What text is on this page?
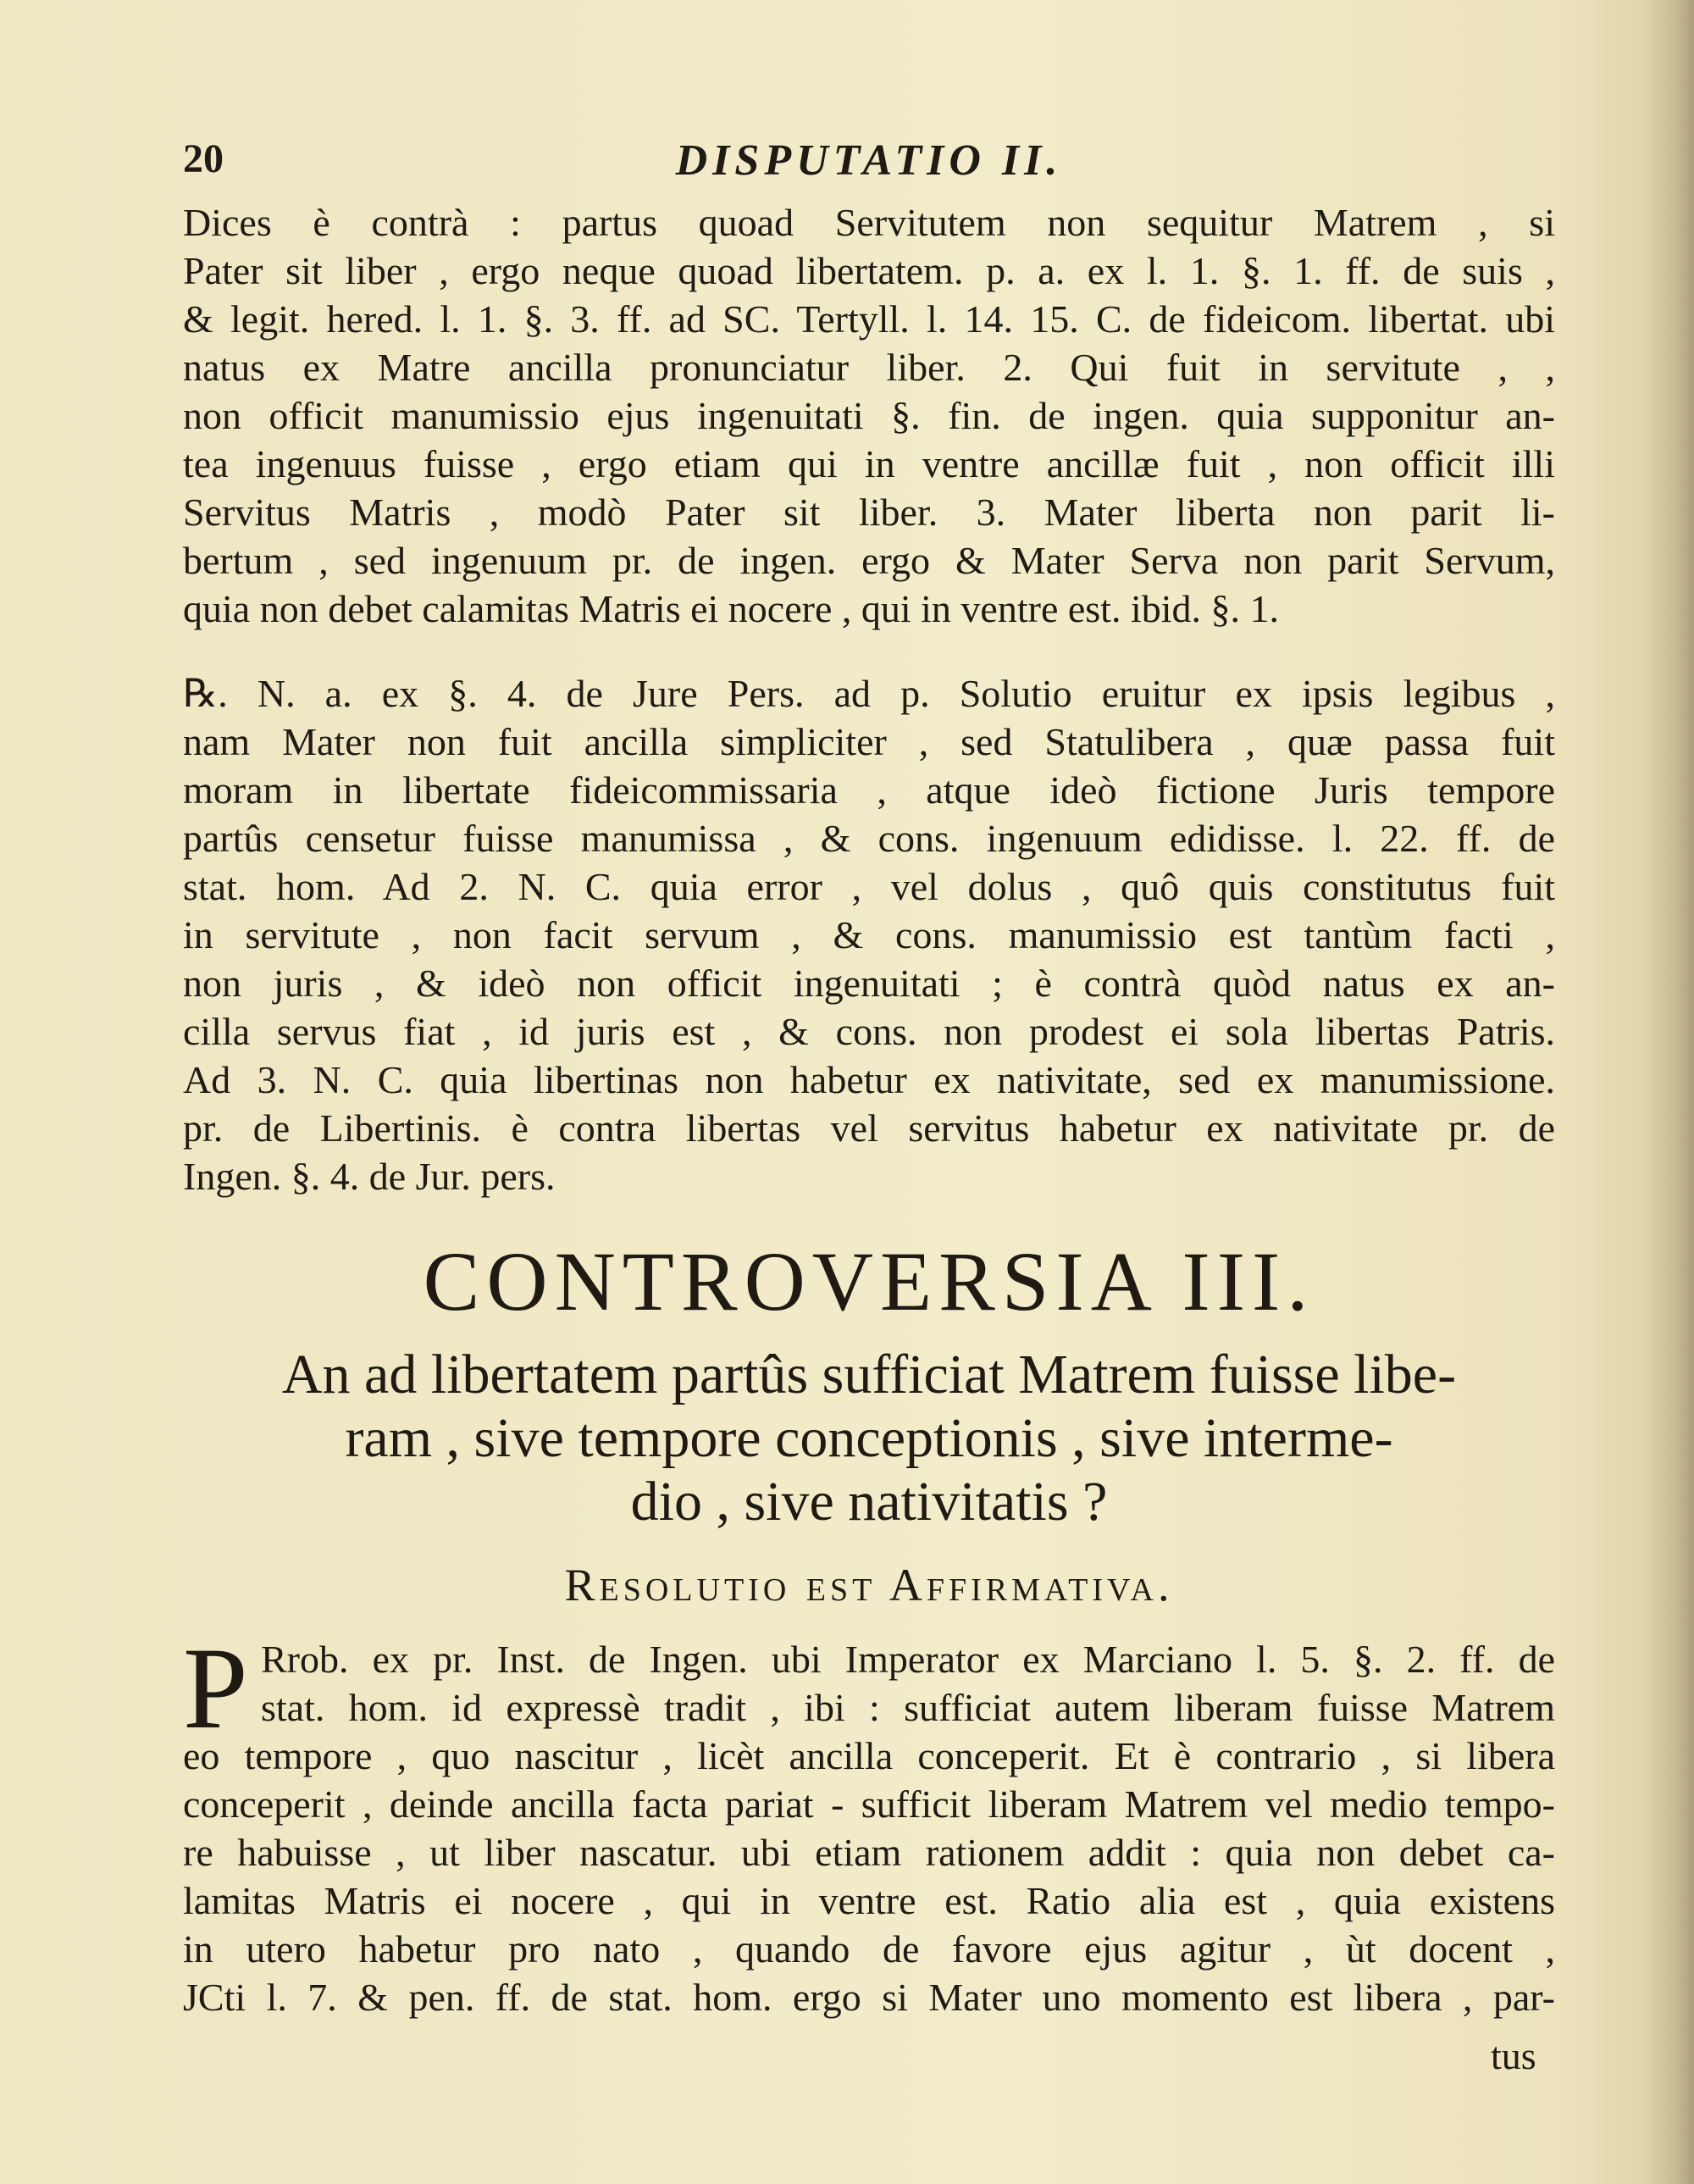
20	DISPUTATIO II.
Dices è contrà : partus quoad Servitutem non sequitur Matrem , si
Pater sit liber , ergo neque quoad libertatem. p. a. ex l. 1. §. 1. ff. de suis ,
& legit. hered. l. 1. §. 3. ff. ad SC. Tertyll. l. 14. 15. C. de fideicom. libertat. ubi
natus ex Matre ancilla pronunciatur liber. 2. Qui fuit in servitute , ,
non officit manumissio ejus ingenuitati §. fin. de ingen. quia supponitur an-
tea ingenuus fuisse , ergo etiam qui in ventre ancillæ fuit , non officit illi
Servitus Matris , modò Pater sit liber. 3. Mater liberta non parit li-
bertum , sed ingenuum pr. de ingen. ergo & Mater Serva non parit Servum,
quia non debet calamitas Matris ei nocere , qui in ventre est. ibid. §. 1.
℞. N. a. ex §. 4. de Jure Pers. ad p. Solutio eruitur ex ipsis legibus ,
nam Mater non fuit ancilla simpliciter , sed Statulibera , quæ passa fuit
moram in libertate fideicommissaria , atque ideò fictione Juris tempore
partûs censetur fuisse manumissa , & cons. ingenuum edidisse. l. 22. ff. de
stat. hom. Ad 2. N. C. quia error , vel dolus , quô quis constitutus fuit
in servitute , non facit servum , & cons. manumissio est tantùm facti ,
non juris , & ideò non officit ingenuitati ; è contrà quòd natus ex an-
cilla servus fiat , id juris est , & cons. non prodest ei sola libertas Patris.
Ad 3. N. C. quia libertinas non habetur ex nativitate, sed ex manumissione.
pr. de Libertinis. è contra libertas vel servitus habetur ex nativitate pr. de
Ingen. §. 4. de Jur. pers.
CONTROVERSIA III.
An ad libertatem partûs sufficiat Matrem fuisse libe-
ram , sive tempore conceptionis , sive interme-
dio , sive nativitatis ?
Resolutio est Affirmativa.
P Rrob. ex pr. Inst. de Ingen. ubi Imperator ex Marciano l. 5. §. 2. ff. de
stat. hom. id expressè tradit , ibi : sufficiat autem liberam fuisse Matrem
eo tempore , quo nascitur , licèt ancilla conceperit. Et è contrario , si libera
conceperit , deinde ancilla facta pariat - sufficit liberam Matrem vel medio tempo-
re habuisse , ut liber nascatur. ubi etiam rationem addit : quia non debet ca-
lamitas Matris ei nocere , qui in ventre est. Ratio alia est , quia existens
in utero habetur pro nato , quando de favore ejus agitur , ùt docent ,
JCti l. 7. & pen. ff. de stat. hom. ergo si Mater uno momento est libera , par-
tus
